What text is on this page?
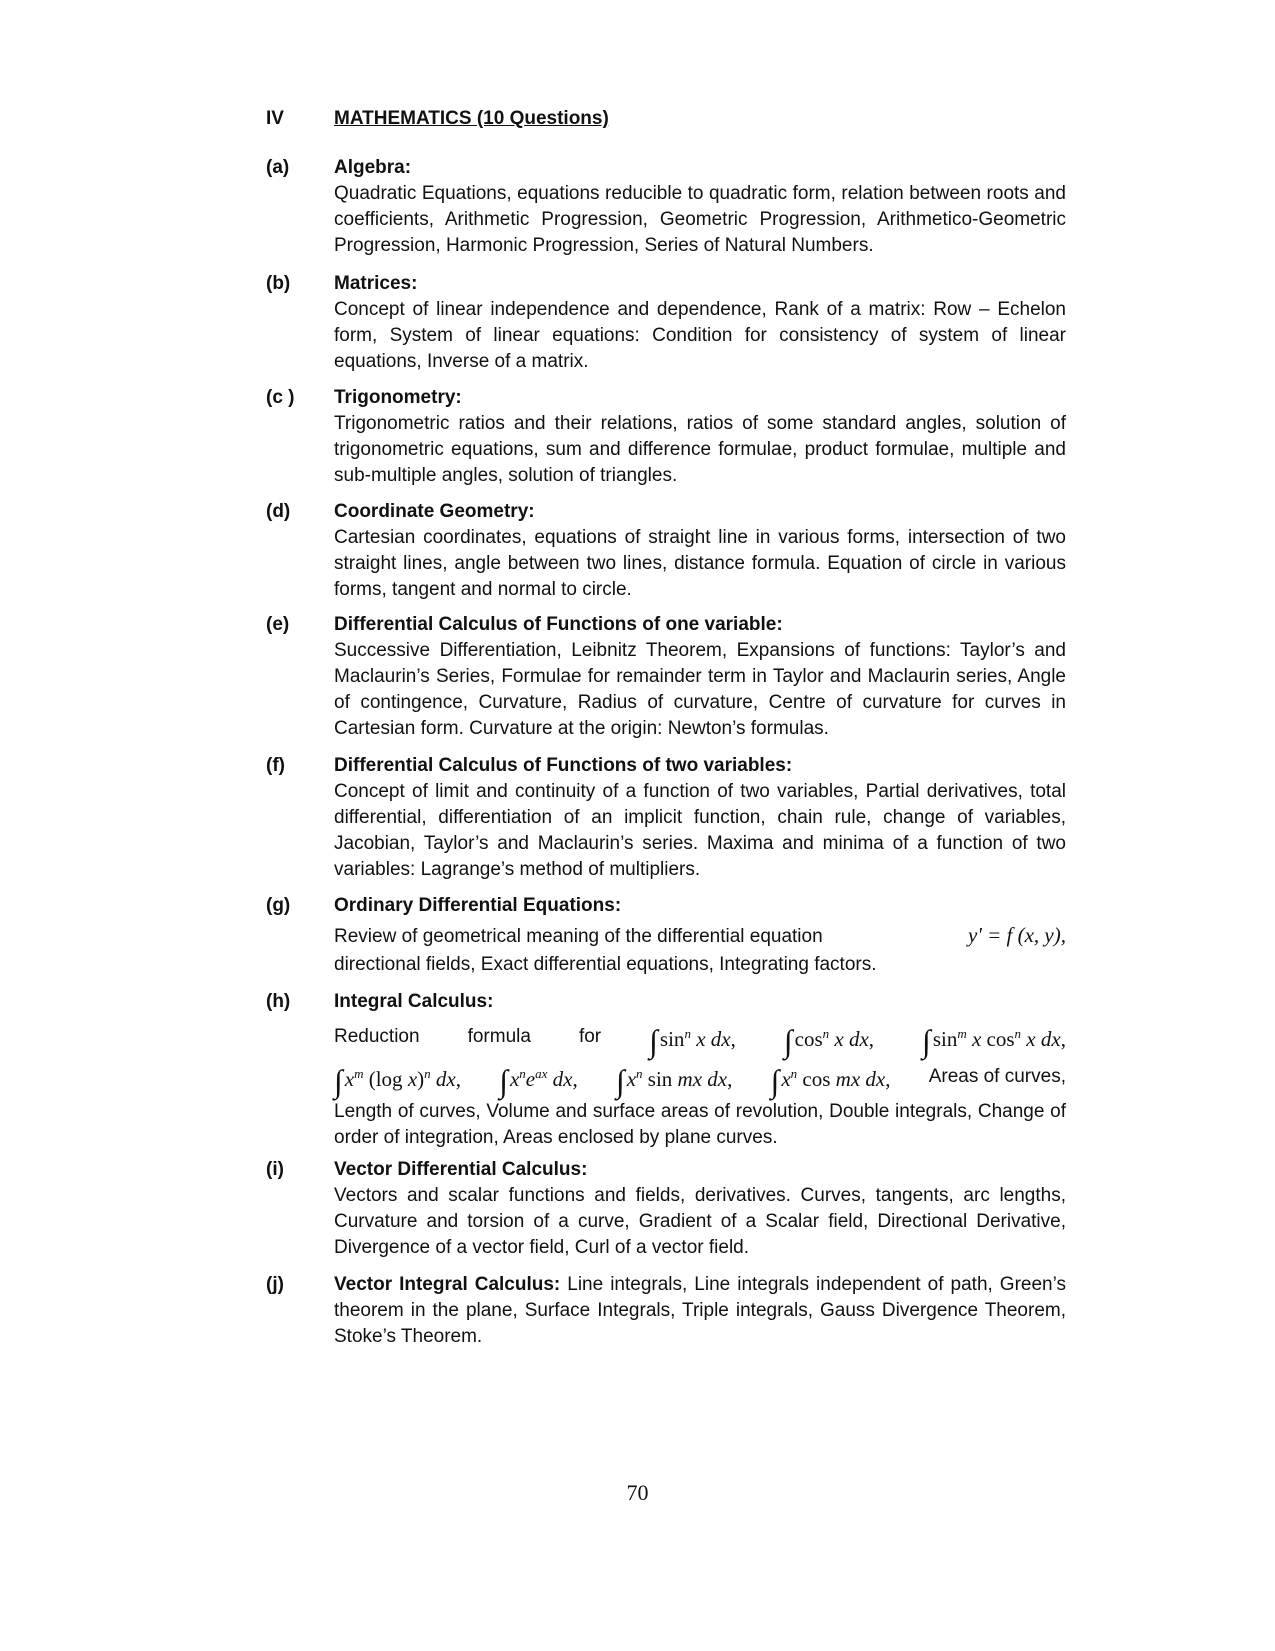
IV	MATHEMATICS (10 Questions)
(a) Algebra:
Quadratic Equations, equations reducible to quadratic form, relation between roots and coefficients, Arithmetic Progression, Geometric Progression, Arithmetico-Geometric Progression, Harmonic Progression, Series of Natural Numbers.
(b) Matrices:
Concept of linear independence and dependence, Rank of a matrix: Row – Echelon form, System of linear equations: Condition for consistency of system of linear equations, Inverse of a matrix.
(c ) Trigonometry:
Trigonometric ratios and their relations, ratios of some standard angles, solution of trigonometric equations, sum and difference formulae, product formulae, multiple and sub-multiple angles, solution of triangles.
(d) Coordinate Geometry:
Cartesian coordinates, equations of straight line in various forms, intersection of two straight lines, angle between two lines, distance formula. Equation of circle in various forms, tangent and normal to circle.
(e) Differential Calculus of Functions of one variable:
Successive Differentiation, Leibnitz Theorem, Expansions of functions: Taylor’s and Maclaurin’s Series, Formulae for remainder term in Taylor and Maclaurin series, Angle of contingence, Curvature, Radius of curvature, Centre of curvature for curves in Cartesian form. Curvature at the origin: Newton’s formulas.
(f)	Differential Calculus of Functions of two variables:
Concept of limit and continuity of a function of two variables, Partial derivatives, total differential, differentiation of an implicit function, chain rule, change of variables, Jacobian, Taylor’s and Maclaurin’s series. Maxima and minima of a function of two variables: Lagrange’s method of multipliers.
(g) Ordinary Differential Equations:
Review of geometrical meaning of the differential equation	y' = f (x, y),
directional fields, Exact differential equations, Integrating factors.
(h) Integral Calculus:
Reduction	formula	for $\int\sin^n$ x dx, $\int\cos^n$ x dx, $\int\sin^m$ x $\cos^n x$ dx,
$\int x^m$ (log x)$^n$ dx, $\int x^ne^{ax}$ dx, $\int x^n$ sin mx dx, $\int x^n$ cos mx dx, Areas of curves,
Length of curves, Volume and surface areas of revolution, Double integrals, Change of order of integration, Areas enclosed by plane curves.
(i)	Vector Differential Calculus:
Vectors and scalar functions and fields, derivatives. Curves, tangents, arc lengths, Curvature and torsion of a curve, Gradient of a Scalar field, Directional Derivative, Divergence of a vector field, Curl of a vector field.
(j)	Vector Integral Calculus: Line integrals, Line integrals independent of path, Green’s theorem in the plane, Surface Integrals, Triple integrals, Gauss Divergence Theorem, Stoke’s Theorem.
70
